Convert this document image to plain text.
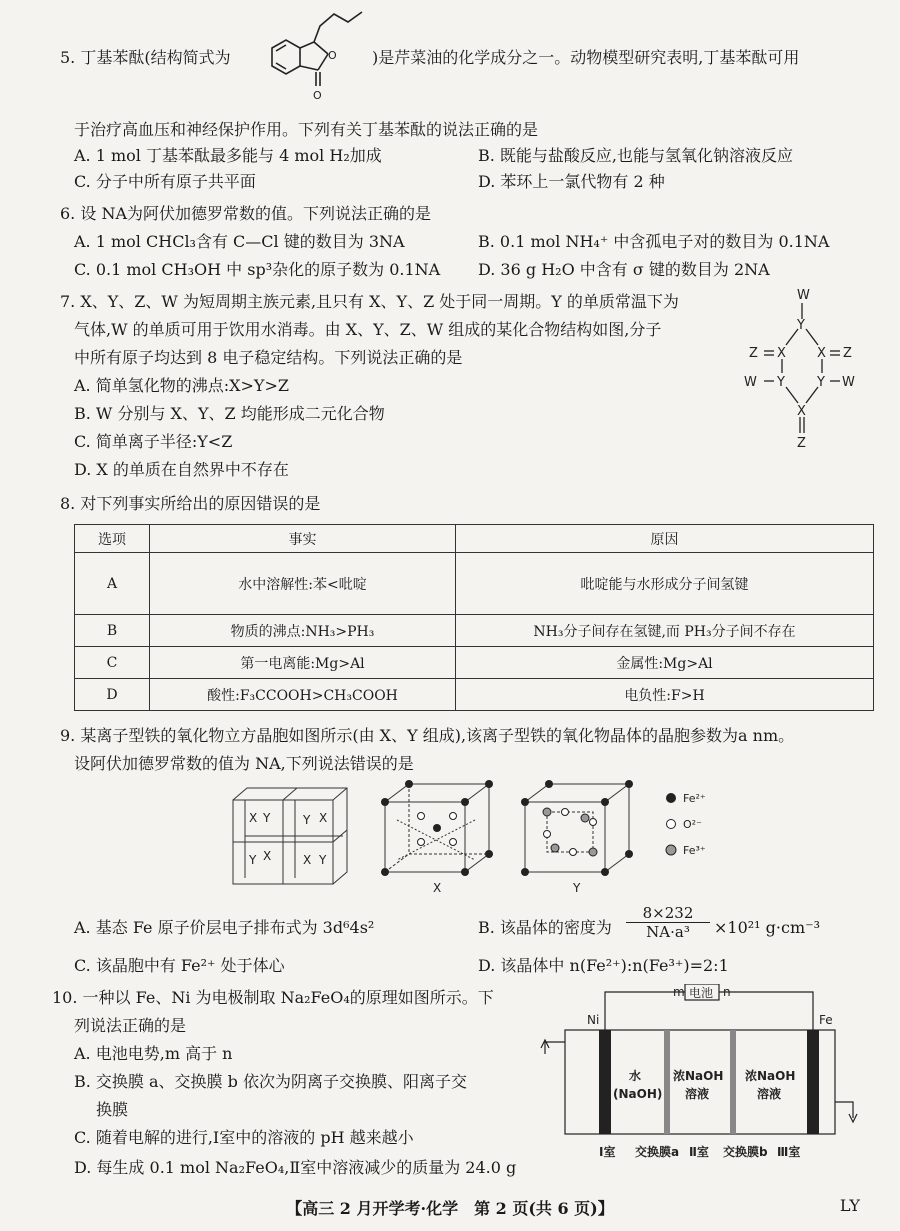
5. 丁基苯酞(结构简式为	O
O
)是芹菜油的化学成分之一。动物模型研究表明,丁基苯酞可用
于治疗高血压和神经保护作用。下列有关丁基苯酞的说法正确的是
A. 1 mol 丁基苯酞最多能与 4 mol H₂加成	B. 既能与盐酸反应,也能与氢氧化钠溶液反应
C. 分子中所有原子共平面	D. 苯环上一氯代物有 2 种
6. 设 NA为阿伏加德罗常数的值。下列说法正确的是
A. 1 mol CHCl₃含有 C—Cl 键的数目为 3NA	B. 0.1 mol NH₄⁺ 中含孤电子对的数目为 0.1NA
C. 0.1 mol CH₃OH 中 sp³杂化的原子数为 0.1NA D. 36 g H₂O 中含有 σ 键的数目为 2NA
7. X、Y、Z、W 为短周期主族元素,且只有 X、Y、Z 处于同一周期。Y 的单质常温下为
气体,W 的单质可用于饮用水消毒。由 X、Y、Z、W 组成的某化合物结构如图,分子
中所有原子均达到 8 电子稳定结构。下列说法正确的是
A. 简单氢化物的沸点:X>Y>Z
B. W 分别与 X、Y、Z 均能形成二元化合物
C. 简单离子半径:Y<Z
D. X 的单质在自然界中不存在
W
Y
X X
Z	Z
Y Y
W	W
X
Z
8. 对下列事实所给出的原因错误的是
选项	事实	原因
A	水中溶解性:苯<吡啶	吡啶能与水形成分子间氢键
B	物质的沸点:NH₃>PH₃	NH₃分子间存在氢键,而 PH₃分子间不存在
C	第一电离能:Mg>Al	金属性:Mg>Al
D	酸性:F₃CCOOH>CH₃COOH	电负性:F>H
9. 某离子型铁的氧化物立方晶胞如图所示(由 X、Y 组成),该离子型铁的氧化物晶体的晶胞参数为a nm。
设阿伏加德罗常数的值为 NA,下列说法错误的是
X Y	Y X
Y X	X Y
X	Y
Fe²⁺
O²⁻
Fe³⁺
A. 基态 Fe 原子价层电子排布式为 3d⁶4s²	B. 该晶体的密度为 $\frac{8\times 232}{\text{NA·a³}} \times 10^{21}$ g·cm⁻³
C. 该晶胞中有 Fe²⁺ 处于体心	D. 该晶体中 n(Fe²⁺):n(Fe³⁺)=2:1
10. 一种以 Fe、Ni 为电极制取 Na₂FeO₄的原理如图所示。下
列说法正确的是
A. 电池电势,m 高于 n
B. 交换膜 a、交换膜 b 依次为阴离子交换膜、阳离子交
换膜
C. 随着电解的进行,Ⅰ室中的溶液的 pH 越来越小
D. 每生成 0.1 mol Na₂FeO₄,Ⅱ室中溶液减少的质量为 24.0 g
m 电池 n
Ni	Fe
水
(NaOH)
浓NaOH
溶液
浓NaOH
溶液
Ⅰ室 交换膜a Ⅱ室 交换膜b Ⅲ室
【高三 2 月开学考·化学　第 2 页(共 6 页)】	LY
